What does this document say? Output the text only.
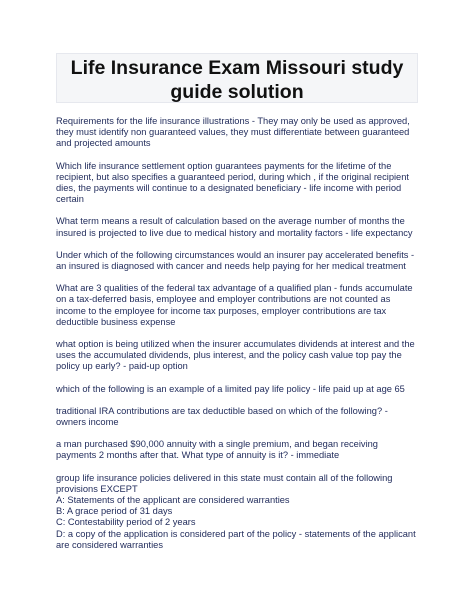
Life Insurance Exam Missouri study
guide solution
Requirements for the life insurance illustrations - They may only be used as approved,
they must identify non guaranteed values, they must differentiate between guaranteed
and projected amounts
Which life insurance settlement option guarantees payments for the lifetime of the
recipient, but also specifies a guaranteed period, during which , if the original recipient
dies, the payments will continue to a designated beneficiary - life income with period
certain
What term means a result of calculation based on the average number of months the
insured is projected to live due to medical history and mortality factors - life expectancy
Under which of the following circumstances would an insurer pay accelerated benefits -
an insured is diagnosed with cancer and needs help paying for her medical treatment
What are 3 qualities of the federal tax advantage of a qualified plan - funds accumulate
on a tax-deferred basis, employee and employer contributions are not counted as
income to the employee for income tax purposes, employer contributions are tax
deductible business expense
what option is being utilized when the insurer accumulates dividends at interest and the
uses the accumulated dividends, plus interest, and the policy cash value top pay the
policy up early? - paid-up option
which of the following is an example of a limited pay life policy - life paid up at age 65
traditional IRA contributions are tax deductible based on which of the following? -
owners income
a man purchased $90,000 annuity with a single premium, and began receiving
payments 2 months after that. What type of annuity is it? - immediate
group life insurance policies delivered in this state must contain all of the following
provisions EXCEPT
A: Statements of the applicant are considered warranties
B: A grace period of 31 days
C: Contestability period of 2 years
D: a copy of the application is considered part of the policy - statements of the applicant
are considered warranties
